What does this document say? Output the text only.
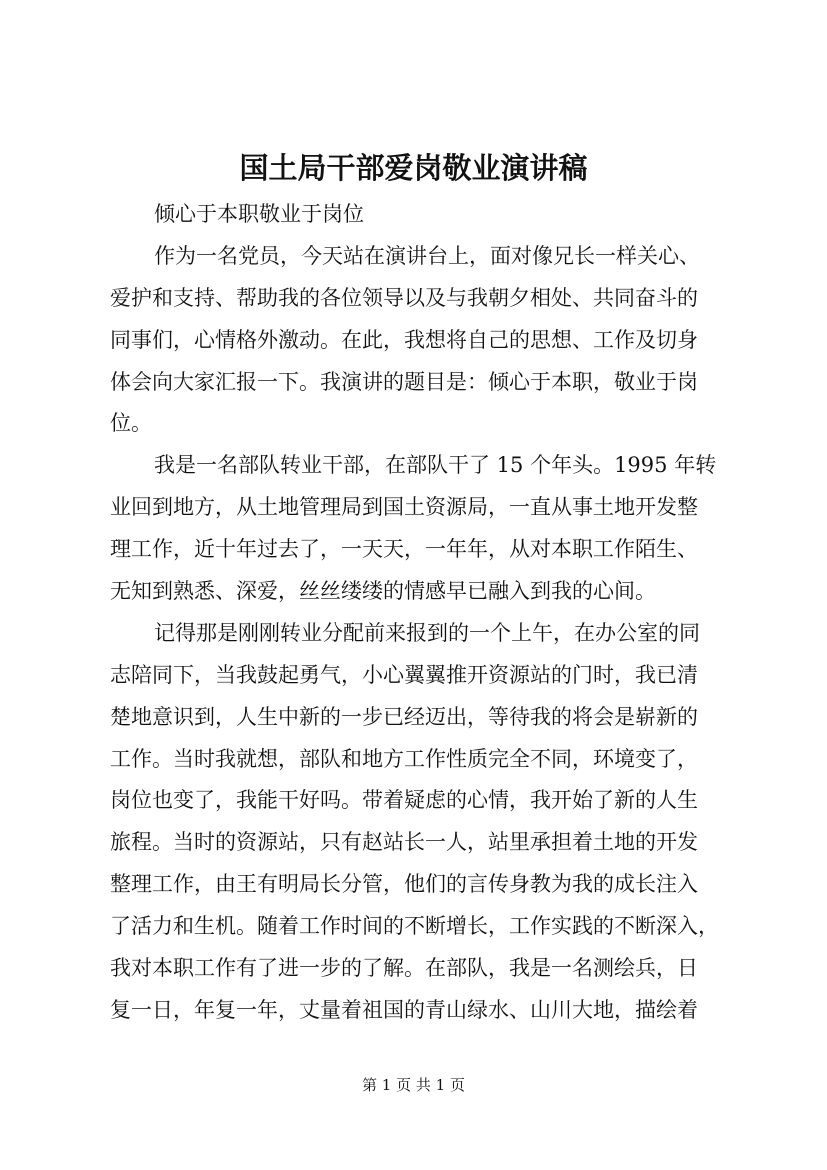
国土局干部爱岗敬业演讲稿
倾心于本职敬业于岗位
作为一名党员，今天站在演讲台上，面对像兄长一样关心、
爱护和支持、帮助我的各位领导以及与我朝夕相处、共同奋斗的
同事们，心情格外激动。在此，我想将自己的思想、工作及切身
体会向大家汇报一下。我演讲的题目是：倾心于本职，敬业于岗
位。
我是一名部队转业干部，在部队干了 15 个年头。1995 年转
业回到地方，从土地管理局到国土资源局，一直从事土地开发整
理工作，近十年过去了，一天天，一年年，从对本职工作陌生、
无知到熟悉、深爱，丝丝缕缕的情感早已融入到我的心间。
记得那是刚刚转业分配前来报到的一个上午，在办公室的同
志陪同下，当我鼓起勇气，小心翼翼推开资源站的门时，我已清
楚地意识到，人生中新的一步已经迈出，等待我的将会是崭新的
工作。当时我就想，部队和地方工作性质完全不同，环境变了，
岗位也变了，我能干好吗。带着疑虑的心情，我开始了新的人生
旅程。当时的资源站，只有赵站长一人，站里承担着土地的开发
整理工作，由王有明局长分管，他们的言传身教为我的成长注入
了活力和生机。随着工作时间的不断增长，工作实践的不断深入，
我对本职工作有了进一步的了解。在部队，我是一名测绘兵，日
复一日，年复一年，丈量着祖国的青山绿水、山川大地，描绘着
第 1 页 共 1 页
